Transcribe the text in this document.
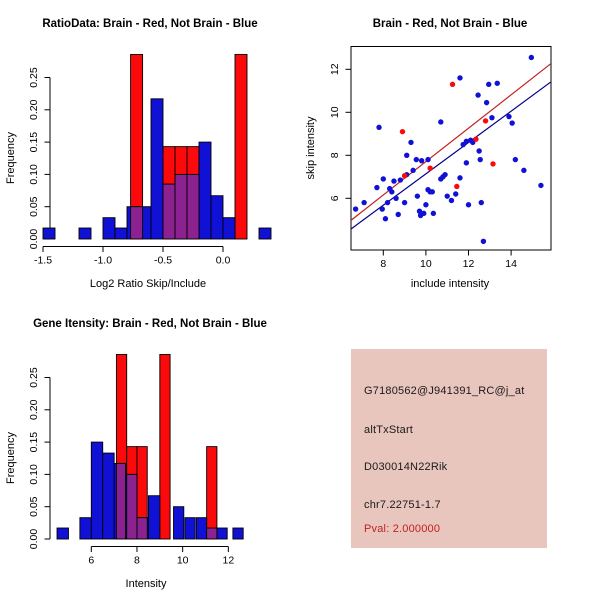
RatioData: Brain - Red, Not Brain - Blue
Log2 Ratio Skip/Include
Frequency
0.00
0.05
0.10
0.15
0.20
0.25
-1.5	-1.0	-0.5	0.0
Brain - Red, Not Brain - Blue
include intensity
skip intensity
8	10	12	14
6
8
10
12
Gene Itensity: Brain - Red, Not Brain - Blue
Intensity
Frequency
0.00
0.05
0.10
0.15
0.20
0.25
6	8	10	12
G7180562@J941391_RC@j_at
altTxStart
D030014N22Rik
chr7.22751-1.7
Pval: 2.000000
